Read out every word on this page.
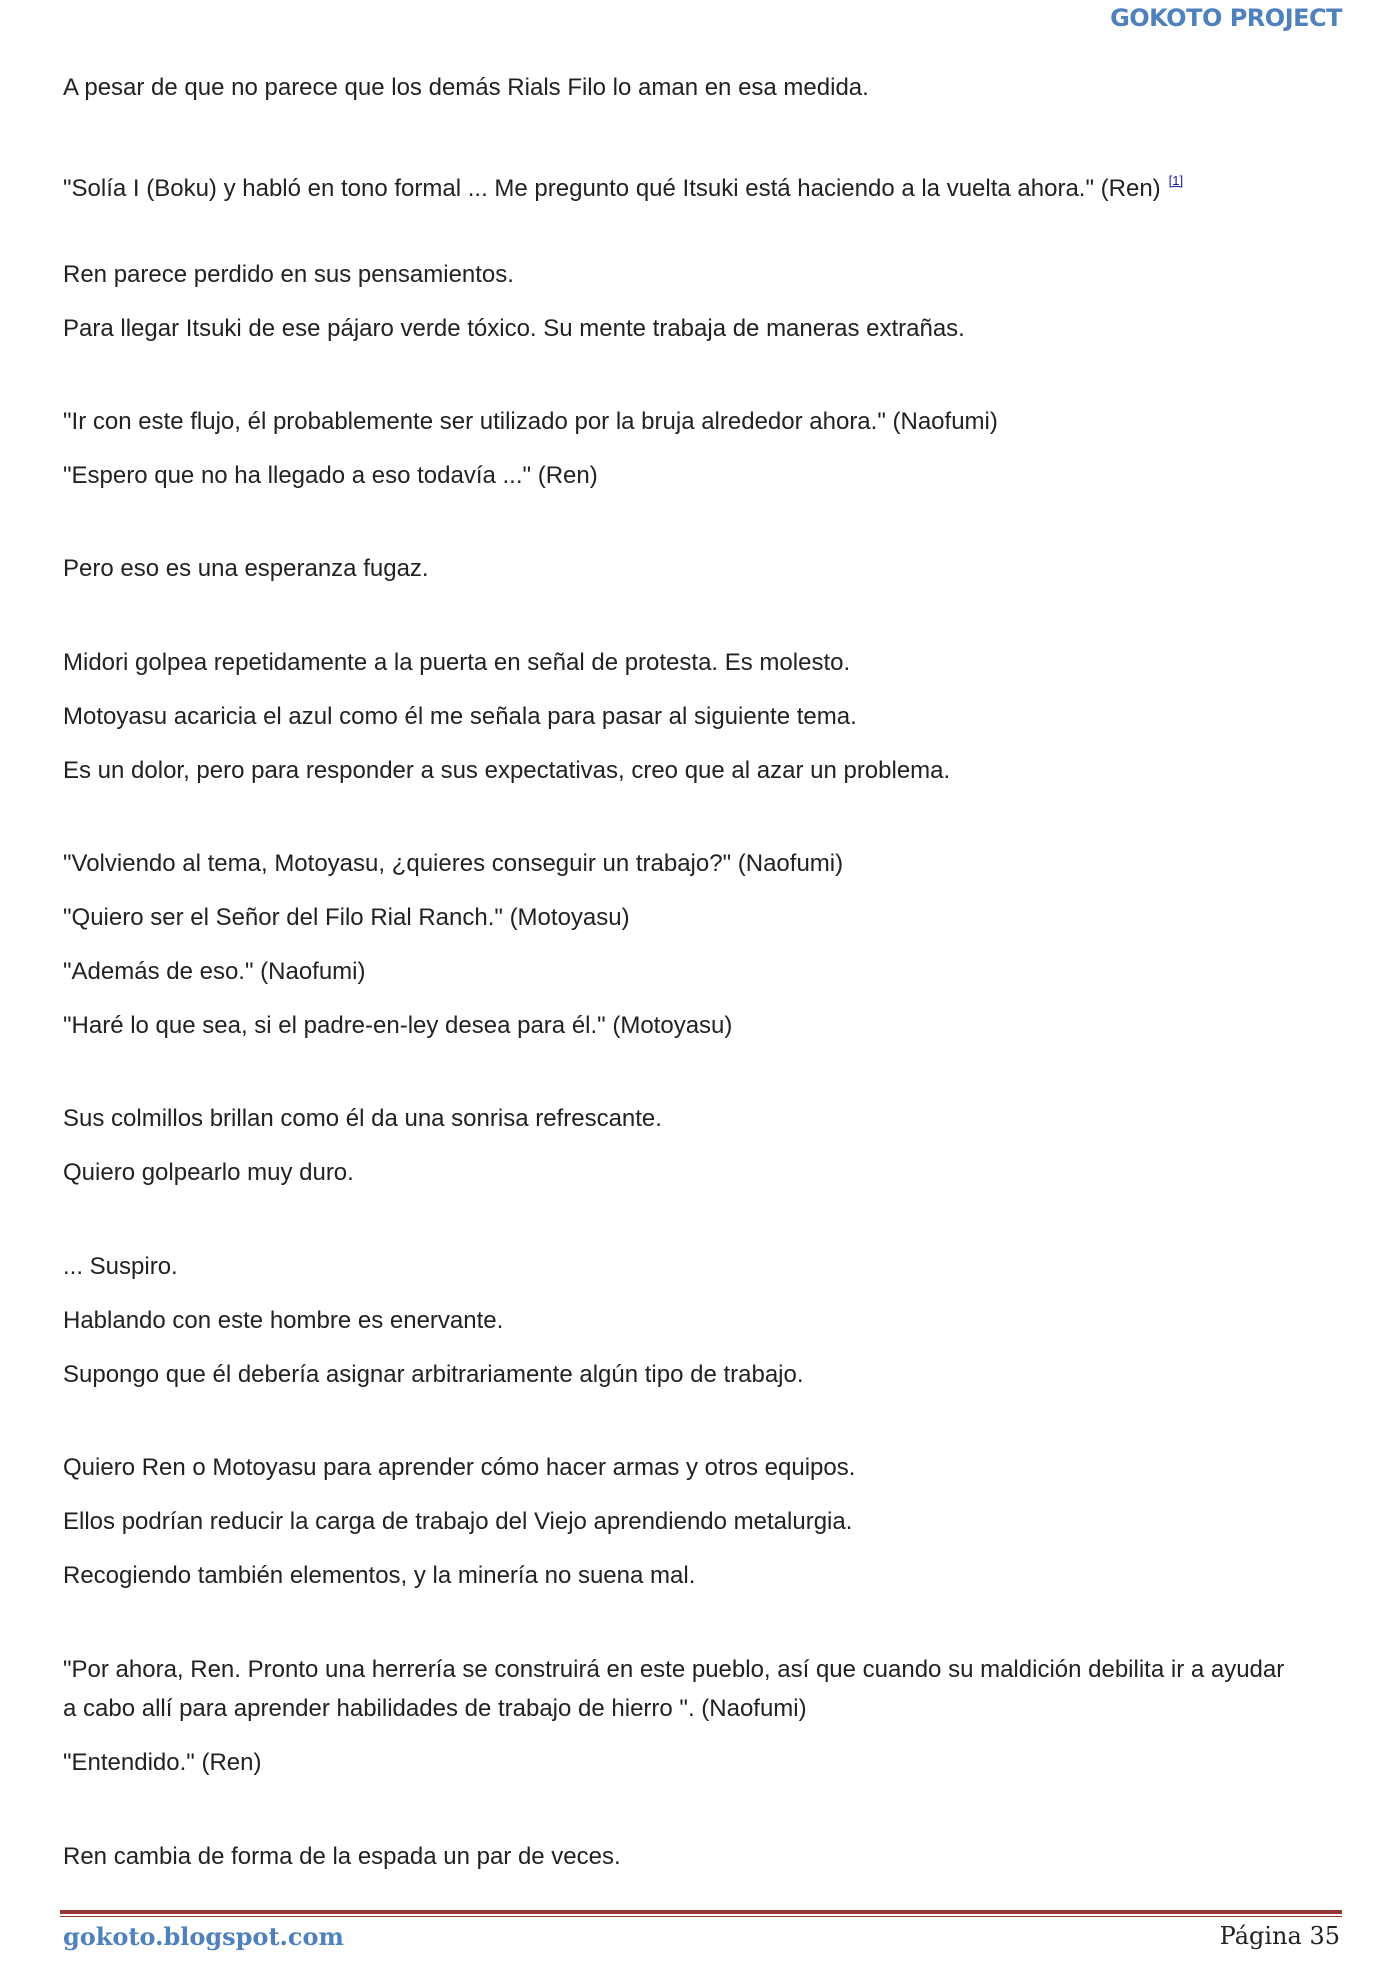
GOKOTO PROJECT
A pesar de que no parece que los demás Rials Filo lo aman en esa medida.
"Solía I (Boku) y habló en tono formal ... Me pregunto qué Itsuki está haciendo a la vuelta ahora." (Ren) [1]
Ren parece perdido en sus pensamientos.
Para llegar Itsuki de ese pájaro verde tóxico. Su mente trabaja de maneras extrañas.
"Ir con este flujo, él probablemente ser utilizado por la bruja alrededor ahora." (Naofumi)
"Espero que no ha llegado a eso todavía ..." (Ren)
Pero eso es una esperanza fugaz.
Midori golpea repetidamente a la puerta en señal de protesta. Es molesto.
Motoyasu acaricia el azul como él me señala para pasar al siguiente tema.
Es un dolor, pero para responder a sus expectativas, creo que al azar un problema.
"Volviendo al tema, Motoyasu, ¿quieres conseguir un trabajo?" (Naofumi)
"Quiero ser el Señor del Filo Rial Ranch." (Motoyasu)
"Además de eso." (Naofumi)
"Haré lo que sea, si el padre-en-ley desea para él." (Motoyasu)
Sus colmillos brillan como él da una sonrisa refrescante.
Quiero golpearlo muy duro.
... Suspiro.
Hablando con este hombre es enervante.
Supongo que él debería asignar arbitrariamente algún tipo de trabajo.
Quiero Ren o Motoyasu para aprender cómo hacer armas y otros equipos.
Ellos podrían reducir la carga de trabajo del Viejo aprendiendo metalurgia.
Recogiendo también elementos, y la minería no suena mal.
"Por ahora, Ren. Pronto una herrería se construirá en este pueblo, así que cuando su maldición debilita ir a ayudar
a cabo allí para aprender habilidades de trabajo de hierro ". (Naofumi)
"Entendido." (Ren)
Ren cambia de forma de la espada un par de veces.
gokoto.blogspot.com	Página 35
